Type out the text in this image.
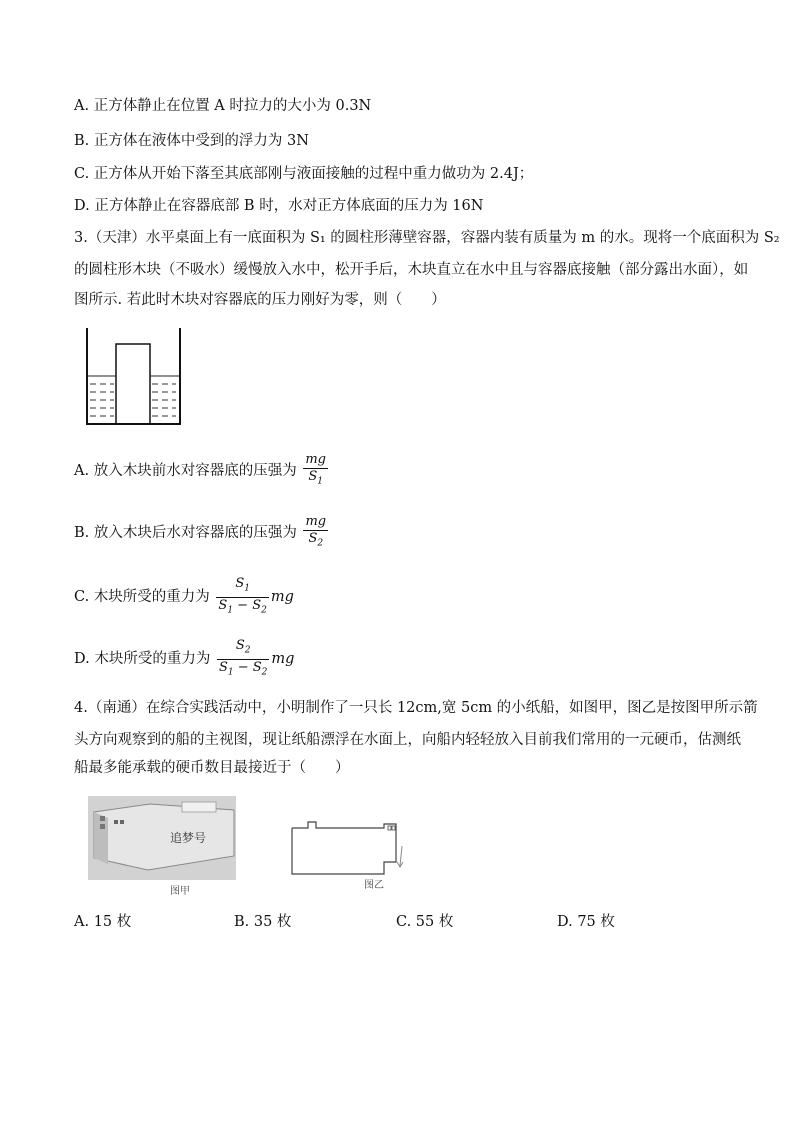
A. 正方体静止在位置 A 时拉力的大小为 0.3N
B. 正方体在液体中受到的浮力为 3N
C. 正方体从开始下落至其底部刚与液面接触的过程中重力做功为 2.4J；
D. 正方体静止在容器底部 B 时，水对正方体底面的压力为 16N
3.（天津）水平桌面上有一底面积为 S₁ 的圆柱形薄壁容器，容器内装有质量为 m 的水。现将一个底面积为 S₂
的圆柱形木块（不吸水）缓慢放入水中，松开手后，木块直立在水中且与容器底接触（部分露出水面），如
图所示. 若此时木块对容器底的压力刚好为零，则（　　）
A. 放入木块前水对容器底的压强为 $\frac{mg}{S_1}$
B. 放入木块后水对容器底的压强为 $\frac{mg}{S_2}$
C. 木块所受的重力为 $\frac{S_1}{S_1 - S_2}$ mg
D. 木块所受的重力为 $\frac{S_2}{S_1 - S_2}$ mg
4.（南通）在综合实践活动中，小明制作了一只长 12cm,宽 5cm 的小纸船，如图甲，图乙是按图甲所示箭
头方向观察到的船的主视图，现让纸船漂浮在水面上，向船内轻轻放入目前我们常用的一元硬币，估测纸
船最多能承载的硬币数目最接近于（　　）
追梦号
图甲
图乙
A. 15 枚	B. 35 枚	C. 55 枚	D. 75 枚
